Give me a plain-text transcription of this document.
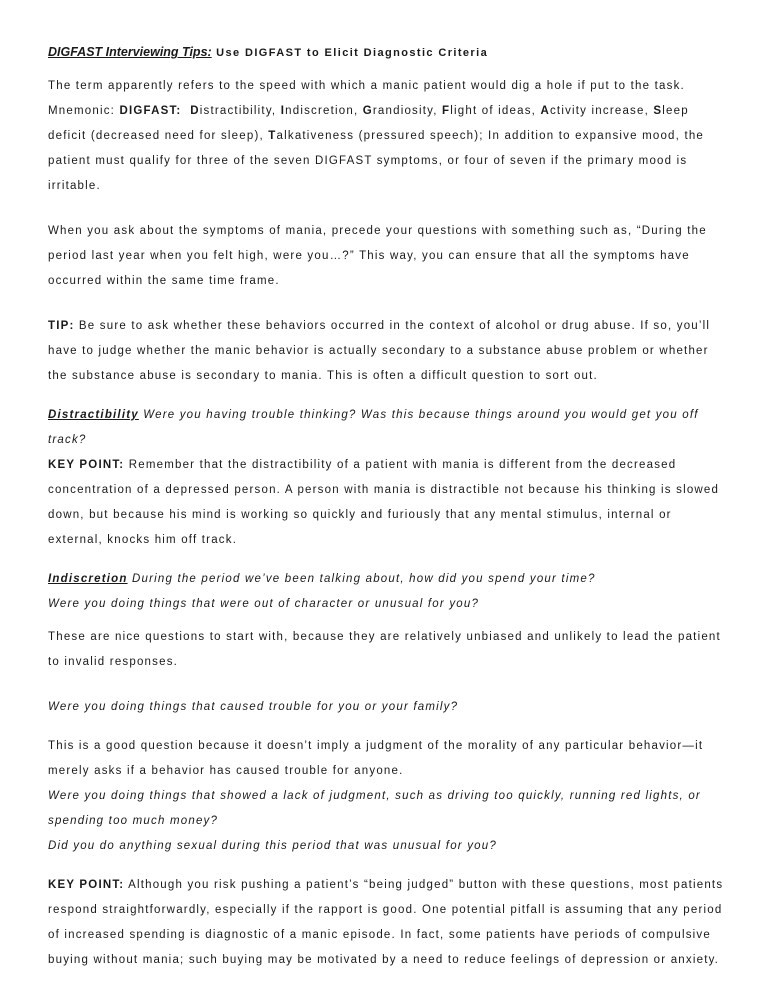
DIGFAST Interviewing Tips: Use DIGFAST to Elicit Diagnostic Criteria

The term apparently refers to the speed with which a manic patient would dig a hole if put to the task.

Mnemonic: DIGFAST: Distractibility, Indiscretion, Grandiosity, Flight of ideas, Activity increase, Sleep deficit (decreased need for sleep), Talkativeness (pressured speech); In addition to expansive mood, the patient must qualify for three of the seven DIGFAST symptoms, or four of seven if the primary mood is irritable.

When you ask about the symptoms of mania, precede your questions with something such as, “During the period last year when you felt high, were you…?” This way, you can ensure that all the symptoms have occurred within the same time frame.

TIP: Be sure to ask whether these behaviors occurred in the context of alcohol or drug abuse. If so, you’ll have to judge whether the manic behavior is actually secondary to a substance abuse problem or whether the substance abuse is secondary to mania. This is often a difficult question to sort out.

Distractibility Were you having trouble thinking? Was this because things around you would get you off track?

KEY POINT: Remember that the distractibility of a patient with mania is different from the decreased concentration of a depressed person. A person with mania is distractible not because his thinking is slowed down, but because his mind is working so quickly and furiously that any mental stimulus, internal or external, knocks him off track.

Indiscretion During the period we’ve been talking about, how did you spend your time?

Were you doing things that were out of character or unusual for you?

These are nice questions to start with, because they are relatively unbiased and unlikely to lead the patient to invalid responses.

Were you doing things that caused trouble for you or your family?

This is a good question because it doesn’t imply a judgment of the morality of any particular behavior—it merely asks if a behavior has caused trouble for anyone.

Were you doing things that showed a lack of judgment, such as driving too quickly, running red lights, or spending too much money?

Did you do anything sexual during this period that was unusual for you?

KEY POINT: Although you risk pushing a patient’s “being judged” button with these questions, most patients respond straightforwardly, especially if the rapport is good. One potential pitfall is assuming that any period of increased spending is diagnostic of a manic episode. In fact, some patients have periods of compulsive buying without mania; such buying may be motivated by a need to reduce feelings of depression or anxiety.
